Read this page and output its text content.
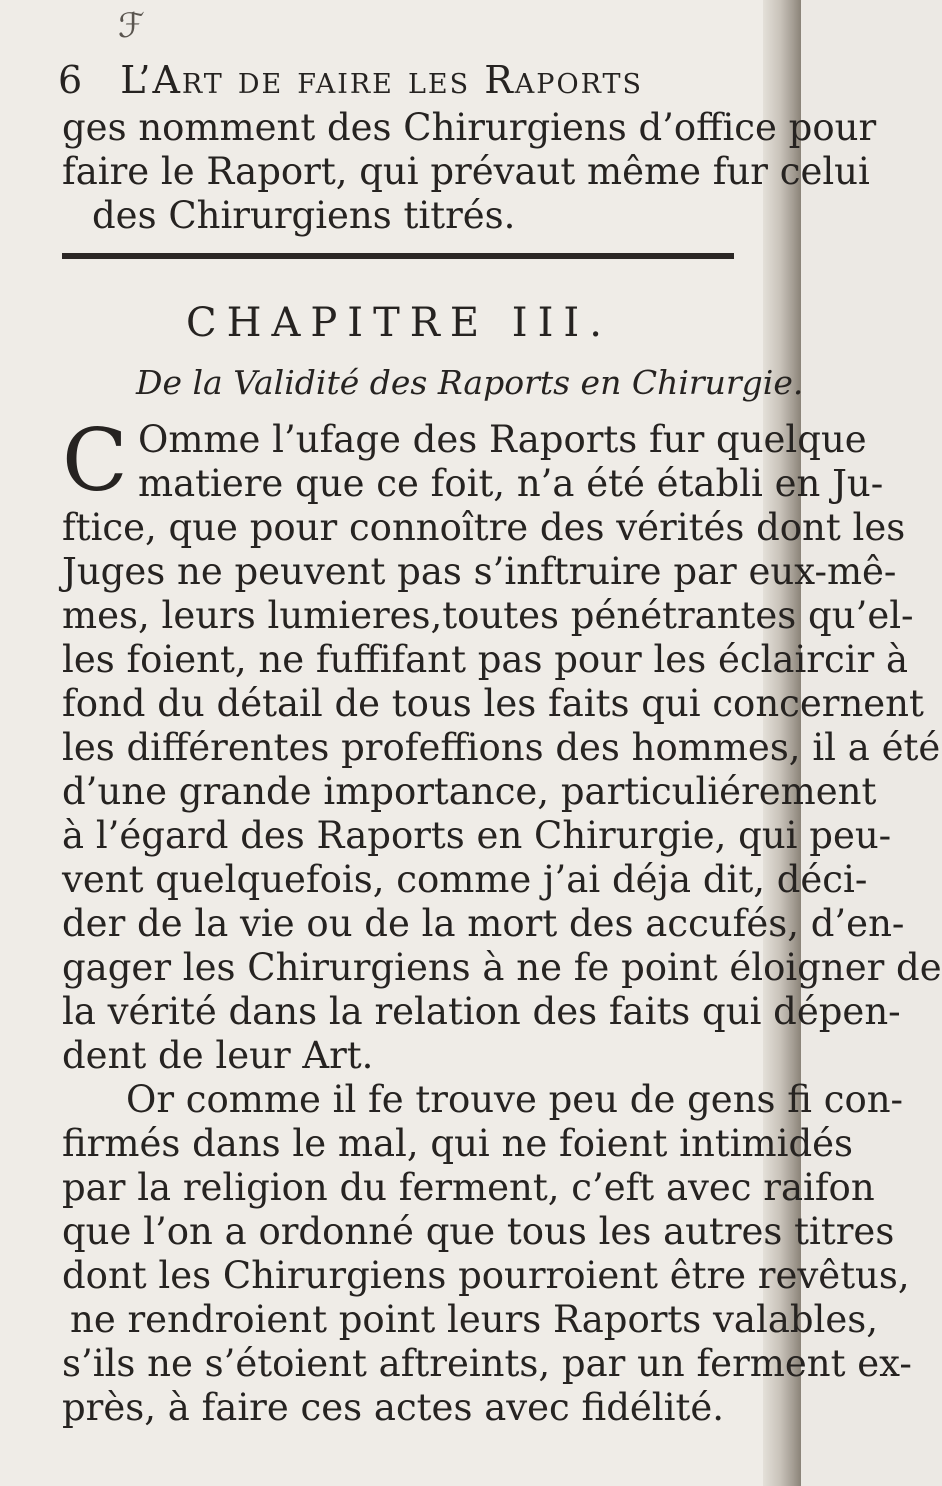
ℱ
6 L’Art de faire les Raports
ges nomment des Chirurgiens d’office pour
faire le Raport, qui prévaut même fur celui
des Chirurgiens titrés.
CHAPITRE III.
De la Validité des Raports en Chirurgie.
C Omme l’ufage des Raports fur quelque
matiere que ce foit, n’a été établi en Ju-
ftice, que pour connoître des vérités dont les
Juges ne peuvent pas s’inftruire par eux-mê-
mes, leurs lumieres,toutes pénétrantes qu’el-
les foient, ne fuffifant pas pour les éclaircir à
fond du détail de tous les faits qui concernent
les différentes profeffions des hommes, il a été
d’une grande importance, particuliérement
à l’égard des Raports en Chirurgie, qui peu-
vent quelquefois, comme j’ai déja dit, déci-
der de la vie ou de la mort des accufés, d’en-
gager les Chirurgiens à ne fe point éloigner de
la vérité dans la relation des faits qui dépen-
dent de leur Art.
Or comme il fe trouve peu de gens fi con-
firmés dans le mal, qui ne foient intimidés
par la religion du ferment, c’eft avec raifon
que l’on a ordonné que tous les autres titres
dont les Chirurgiens pourroient être revêtus,
ne rendroient point leurs Raports valables,
s’ils ne s’étoient aftreints, par un ferment ex-
près, à faire ces actes avec fidélité.
